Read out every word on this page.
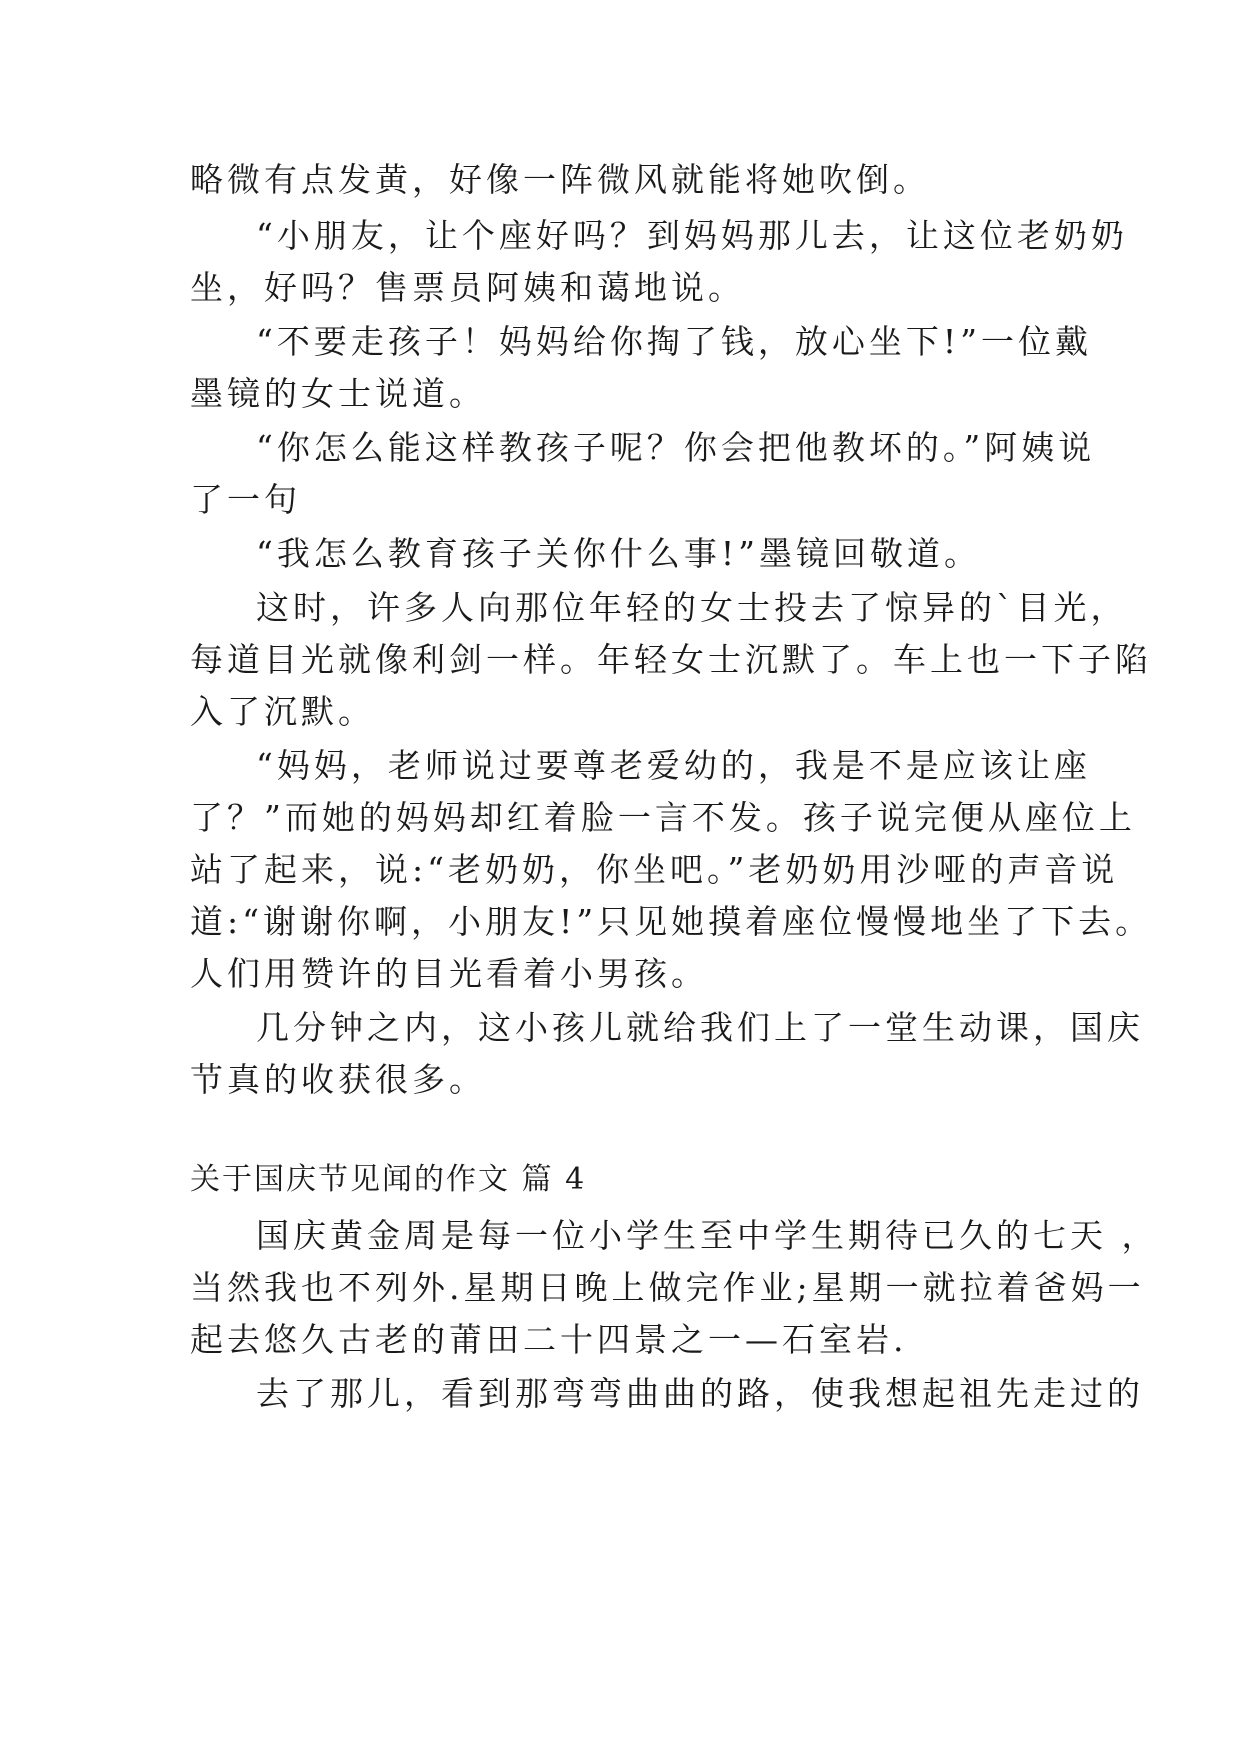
略微有点发黄，好像一阵微风就能将她吹倒。
“小朋友，让个座好吗？到妈妈那儿去，让这位老奶奶
坐，好吗？售票员阿姨和蔼地说。
“不要走孩子！妈妈给你掏了钱，放心坐下!”一位戴
墨镜的女士说道。
“你怎么能这样教孩子呢？你会把他教坏的。”阿姨说
了一句
“我怎么教育孩子关你什么事!”墨镜回敬道。
这时，许多人向那位年轻的女士投去了惊异的`目光，
每道目光就像利剑一样。年轻女士沉默了。车上也一下子陷
入了沉默。
“妈妈，老师说过要尊老爱幼的，我是不是应该让座
了？”而她的妈妈却红着脸一言不发。孩子说完便从座位上
站了起来，说:“老奶奶，你坐吧。”老奶奶用沙哑的声音说
道:“谢谢你啊，小朋友!”只见她摸着座位慢慢地坐了下去。
人们用赞许的目光看着小男孩。
几分钟之内，这小孩儿就给我们上了一堂生动课，国庆
节真的收获很多。
关于国庆节见闻的作文 篇 4
国庆黄金周是每一位小学生至中学生期待已久的七天 ，
当然我也不列外.星期日晚上做完作业;星期一就拉着爸妈一
起去悠久古老的莆田二十四景之一—石室岩.
去了那儿，看到那弯弯曲曲的路，使我想起祖先走过的
